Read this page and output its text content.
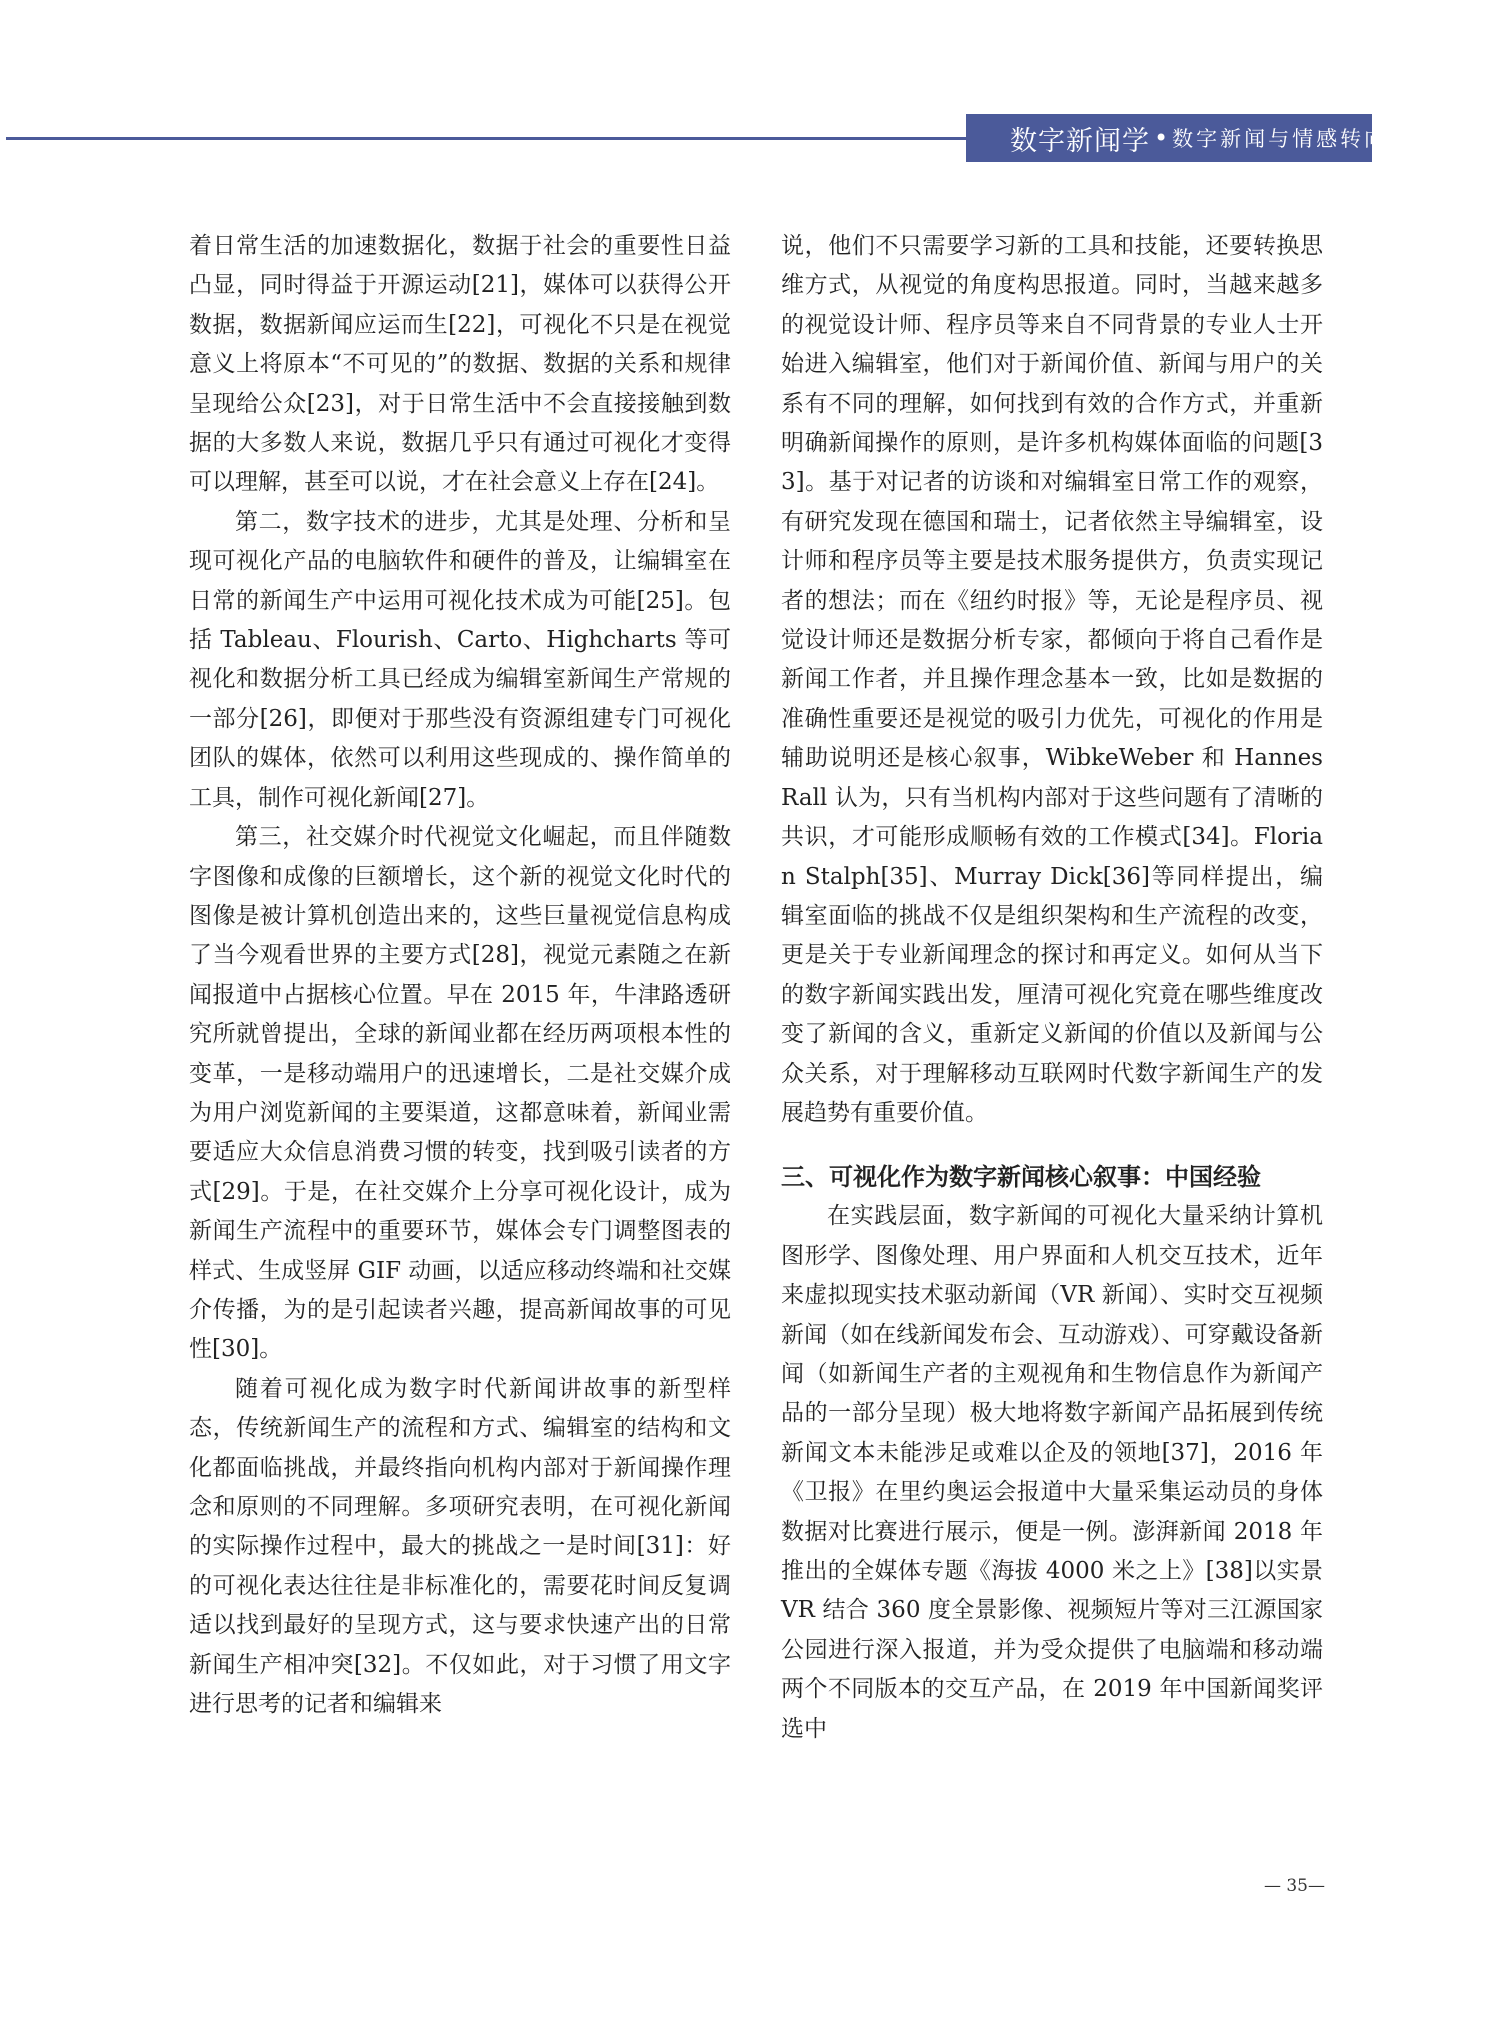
数字新闻学 • 数字新闻与情感转向

着日常生活的加速数据化，数据于社会的重要性日益凸显，同时得益于开源运动[21]，媒体可以获得公开数据，数据新闻应运而生[22]，可视化不只是在视觉意义上将原本“不可见的”的数据、数据的关系和规律呈现给公众[23]，对于日常生活中不会直接接触到数据的大多数人来说，数据几乎只有通过可视化才变得可以理解，甚至可以说，才在社会意义上存在[24]。

第二，数字技术的进步，尤其是处理、分析和呈现可视化产品的电脑软件和硬件的普及，让编辑室在日常的新闻生产中运用可视化技术成为可能[25]。包括 Tableau、Flourish、Carto、Highcharts 等可视化和数据分析工具已经成为编辑室新闻生产常规的一部分[26]，即便对于那些没有资源组建专门可视化团队的媒体，依然可以利用这些现成的、操作简单的工具，制作可视化新闻[27]。

第三，社交媒介时代视觉文化崛起，而且伴随数字图像和成像的巨额增长，这个新的视觉文化时代的图像是被计算机创造出来的，这些巨量视觉信息构成了当今观看世界的主要方式[28]，视觉元素随之在新闻报道中占据核心位置。早在 2015 年，牛津路透研究所就曾提出，全球的新闻业都在经历两项根本性的变革，一是移动端用户的迅速增长，二是社交媒介成为用户浏览新闻的主要渠道，这都意味着，新闻业需要适应大众信息消费习惯的转变，找到吸引读者的方式[29]。于是，在社交媒介上分享可视化设计，成为新闻生产流程中的重要环节，媒体会专门调整图表的样式、生成竖屏 GIF 动画，以适应移动终端和社交媒介传播，为的是引起读者兴趣，提高新闻故事的可见性[30]。

随着可视化成为数字时代新闻讲故事的新型样态，传统新闻生产的流程和方式、编辑室的结构和文化都面临挑战，并最终指向机构内部对于新闻操作理念和原则的不同理解。多项研究表明，在可视化新闻的实际操作过程中，最大的挑战之一是时间[31]：好的可视化表达往往是非标准化的，需要花时间反复调适以找到最好的呈现方式，这与要求快速产出的日常新闻生产相冲突[32]。不仅如此，对于习惯了用文字进行思考的记者和编辑来

说，他们不只需要学习新的工具和技能，还要转换思维方式，从视觉的角度构思报道。同时，当越来越多的视觉设计师、程序员等来自不同背景的专业人士开始进入编辑室，他们对于新闻价值、新闻与用户的关系有不同的理解，如何找到有效的合作方式，并重新明确新闻操作的原则，是许多机构媒体面临的问题[33]。基于对记者的访谈和对编辑室日常工作的观察，有研究发现在德国和瑞士，记者依然主导编辑室，设计师和程序员等主要是技术服务提供方，负责实现记者的想法；而在《纽约时报》等，无论是程序员、视觉设计师还是数据分析专家，都倾向于将自己看作是新闻工作者，并且操作理念基本一致，比如是数据的准确性重要还是视觉的吸引力优先，可视化的作用是辅助说明还是核心叙事，WibkeWeber 和 Hannes Rall 认为，只有当机构内部对于这些问题有了清晰的共识，才可能形成顺畅有效的工作模式[34]。Florian Stalph[35]、Murray Dick[36]等同样提出，编辑室面临的挑战不仅是组织架构和生产流程的改变，更是关于专业新闻理念的探讨和再定义。如何从当下的数字新闻实践出发，厘清可视化究竟在哪些维度改变了新闻的含义，重新定义新闻的价值以及新闻与公众关系，对于理解移动互联网时代数字新闻生产的发展趋势有重要价值。

三、可视化作为数字新闻核心叙事：中国经验

在实践层面，数字新闻的可视化大量采纳计算机图形学、图像处理、用户界面和人机交互技术，近年来虚拟现实技术驱动新闻（VR 新闻）、实时交互视频新闻（如在线新闻发布会、互动游戏）、可穿戴设备新闻（如新闻生产者的主观视角和生物信息作为新闻产品的一部分呈现）极大地将数字新闻产品拓展到传统新闻文本未能涉足或难以企及的领地[37]，2016 年《卫报》在里约奥运会报道中大量采集运动员的身体数据对比赛进行展示，便是一例。澎湃新闻 2018 年推出的全媒体专题《海拔 4000 米之上》[38]以实景 VR 结合 360 度全景影像、视频短片等对三江源国家公园进行深入报道，并为受众提供了电脑端和移动端两个不同版本的交互产品，在 2019 年中国新闻奖评选中

— 35—
